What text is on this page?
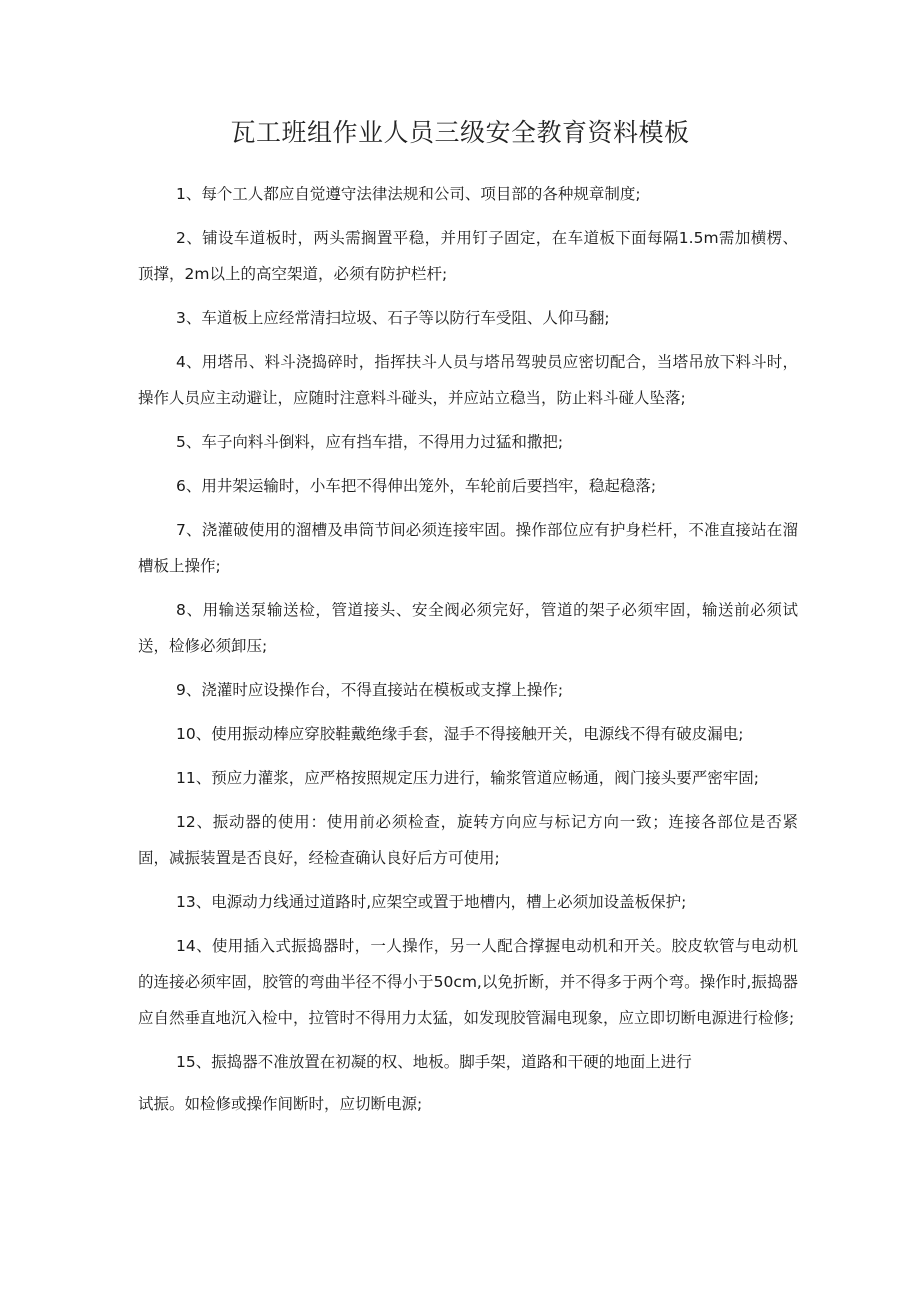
瓦工班组作业人员三级安全教育资料模板

1、每个工人都应自觉遵守法律法规和公司、项目部的各种规章制度;

2、铺设车道板时，两头需搁置平稳，并用钉子固定，在车道板下面每隔1.5m需加横楞、顶撑，2m以上的高空架道，必须有防护栏杆;

3、车道板上应经常清扫垃圾、石子等以防行车受阻、人仰马翻;

4、用塔吊、料斗浇捣碎时，指挥扶斗人员与塔吊驾驶员应密切配合，当塔吊放下料斗时，操作人员应主动避让，应随时注意料斗碰头，并应站立稳当，防止料斗碰人坠落;

5、车子向料斗倒料，应有挡车措，不得用力过猛和撒把;

6、用井架运输时，小车把不得伸出笼外，车轮前后要挡牢，稳起稳落;

7、浇灌破使用的溜槽及串筒节间必须连接牢固。操作部位应有护身栏杆，不准直接站在溜槽板上操作;

8、用输送泵输送检，管道接头、安全阀必须完好，管道的架子必须牢固，输送前必须试送，检修必须卸压;

9、浇灌时应设操作台，不得直接站在模板或支撑上操作;

10、使用振动棒应穿胶鞋戴绝缘手套，湿手不得接触开关，电源线不得有破皮漏电;

11、预应力灌浆，应严格按照规定压力进行，输浆管道应畅通，阀门接头要严密牢固;

12、振动器的使用：使用前必须检查，旋转方向应与标记方向一致；连接各部位是否紧固，减振装置是否良好，经检查确认良好后方可使用;

13、电源动力线通过道路时,应架空或置于地槽内，槽上必须加设盖板保护;

14、使用插入式振捣器时，一人操作，另一人配合撑握电动机和开关。胶皮软管与电动机的连接必须牢固，胶管的弯曲半径不得小于50cm,以免折断，并不得多于两个弯。操作时,振捣器应自然垂直地沉入检中，拉管时不得用力太猛，如发现胶管漏电现象，应立即切断电源进行检修;

15、振捣器不准放置在初凝的权、地板。脚手架，道路和干硬的地面上进行

试振。如检修或操作间断时，应切断电源;
